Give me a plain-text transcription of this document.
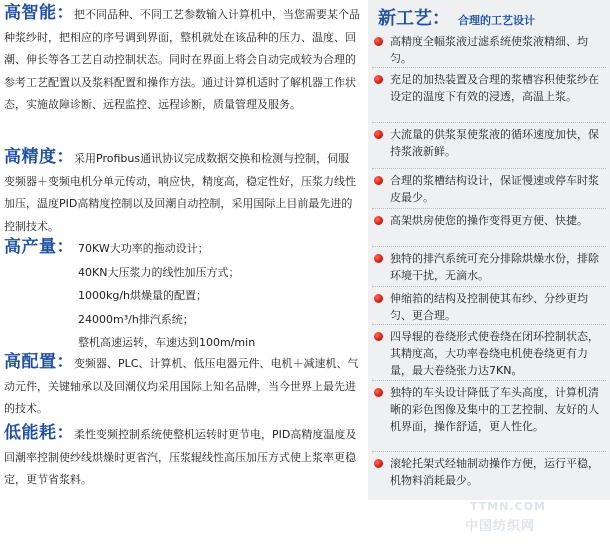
高智能：把不同品种、不同工艺参数输入计算机中，当您需要某个品种浆纱时，把相应的序号调到界面，整机就处在该品种的压力、温度、回潮、伸长等各工艺自动控制状态。同时在界面上将会自动完成较为合理的参考工艺配置以及浆料配置和操作方法。通过计算机适时了解机器工作状态，实施故障诊断、远程监控、远程诊断，质量管理及服务。
高精度：采用Profibus通讯协议完成数据交换和检测与控制，伺服变频器＋变频电机分单元传动，响应快，精度高，稳定性好，压浆力线性加压，温度PID高精度控制以及回潮自动控制，采用国际上目前最先进的控制技术。
高产量： 70KW大功率的拖动设计；
40KN大压浆力的线性加压方式；
1000kg/h烘燥量的配置；
24000m³/h排汽系统；
整机高速运转，车速达到100m/min
高配置：变频器、PLC、计算机、低压电器元件、电机＋减速机、气动元件，关键轴承以及回潮仪均采用国际上知名品牌，当今世界上最先进的技术。
低能耗：柔性变频控制系统使整机运转时更节电，PID高精度温度及回潮率控制使纱线烘燥时更省汽，压浆辊线性高压加压方式使上浆率更稳定，更节省浆料。
新工艺： 合理的工艺设计
高精度全幅浆液过滤系统使浆液精细、均匀。
充足的加热装置及合理的浆槽容积使浆纱在设定的温度下有效的浸透，高温上浆。
大流量的供浆泵使浆液的循环速度加快，保持浆液新鲜。
合理的浆槽结构设计，保证慢速或停车时浆皮最少。
高架烘房使您的操作变得更方便、快捷。
独特的排汽系统可充分排除烘燥水份，排除环境干扰，无滴水。
伸缩筘的结构及控制使其布纱、分纱更均匀、更合理。
四导辊的卷绕形式使卷绕在闭环控制状态，其精度高，大功率卷绕电机使卷绕更有力量，最大卷绕张力达7KN。
独特的车头设计降低了车头高度，计算机清晰的彩色图像及集中的工艺控制、友好的人机界面，操作舒适，更人性化。
滚轮托架式经轴制动操作方便，运行平稳，机物料消耗最少。
TTMN.COM
中国纺织网
